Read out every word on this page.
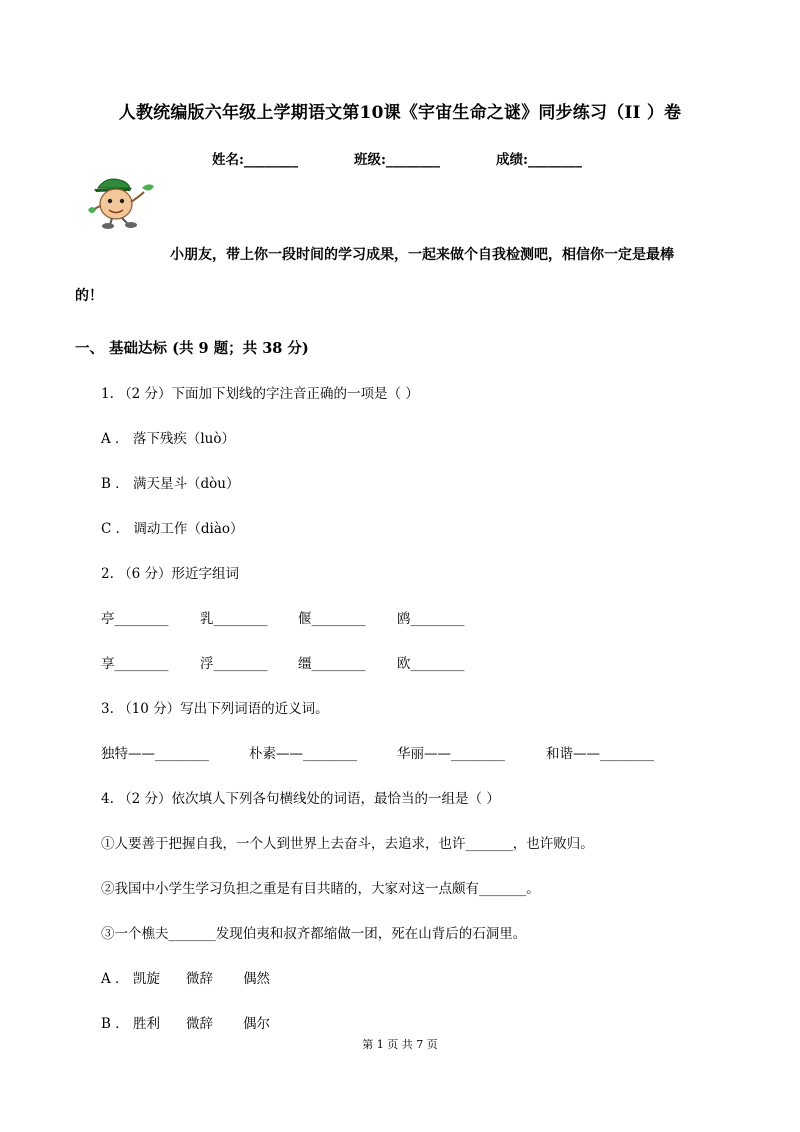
人教统编版六年级上学期语文第10课《宇宙生命之谜》同步练习（II ）卷
姓名:________	班级:________	成绩:________
小朋友，带上你一段时间的学习成果，一起来做个自我检测吧，相信你一定是最棒
的！
一、 基础达标 (共 9 题；共 38 分)
1. （2 分）下面加下划线的字注音正确的一项是（ ）
A ． 落下残疾（luò）
B ． 满天星斗（dòu）
C ． 调动工作（diào）
2. （6 分）形近字组词
亭________ 乳________ 偃________ 鸥________
享________ 浮________ 缰________ 欧________
3. （10 分）写出下列词语的近义词。
独特——________	朴素——________	华丽——________	和谐——________
4. （2 分）依次填人下列各句横线处的词语，最恰当的一组是（ ）
①人要善于把握自我，一个人到世界上去奋斗，去追求，也许_______，也许败归。
②我国中小学生学习负担之重是有目共睹的，大家对这一点颇有_______。
③一个樵夫_______发现伯夷和叔齐都缩做一团，死在山背后的石洞里。
A ． 凯旋 微辞 偶然
B ． 胜利 微辞 偶尔
第 1 页 共 7 页
